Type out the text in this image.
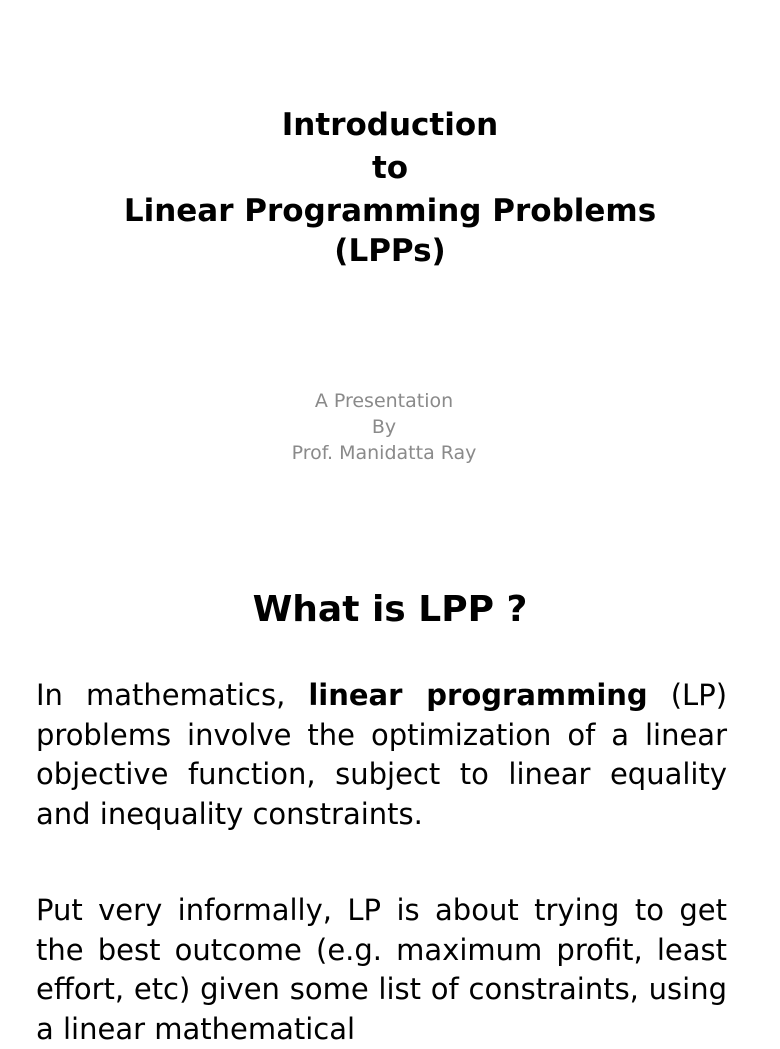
Introduction
to
Linear Programming Problems
(LPPs)
A Presentation
By
Prof. Manidatta Ray
What is LPP ?

In mathematics, linear programming (LP) problems involve the optimization of a linear objective function, subject to linear equality and inequality constraints.

Put very informally, LP is about trying to get the best outcome (e.g. maximum profit, least effort, etc) given some list of constraints, using a linear mathematical
